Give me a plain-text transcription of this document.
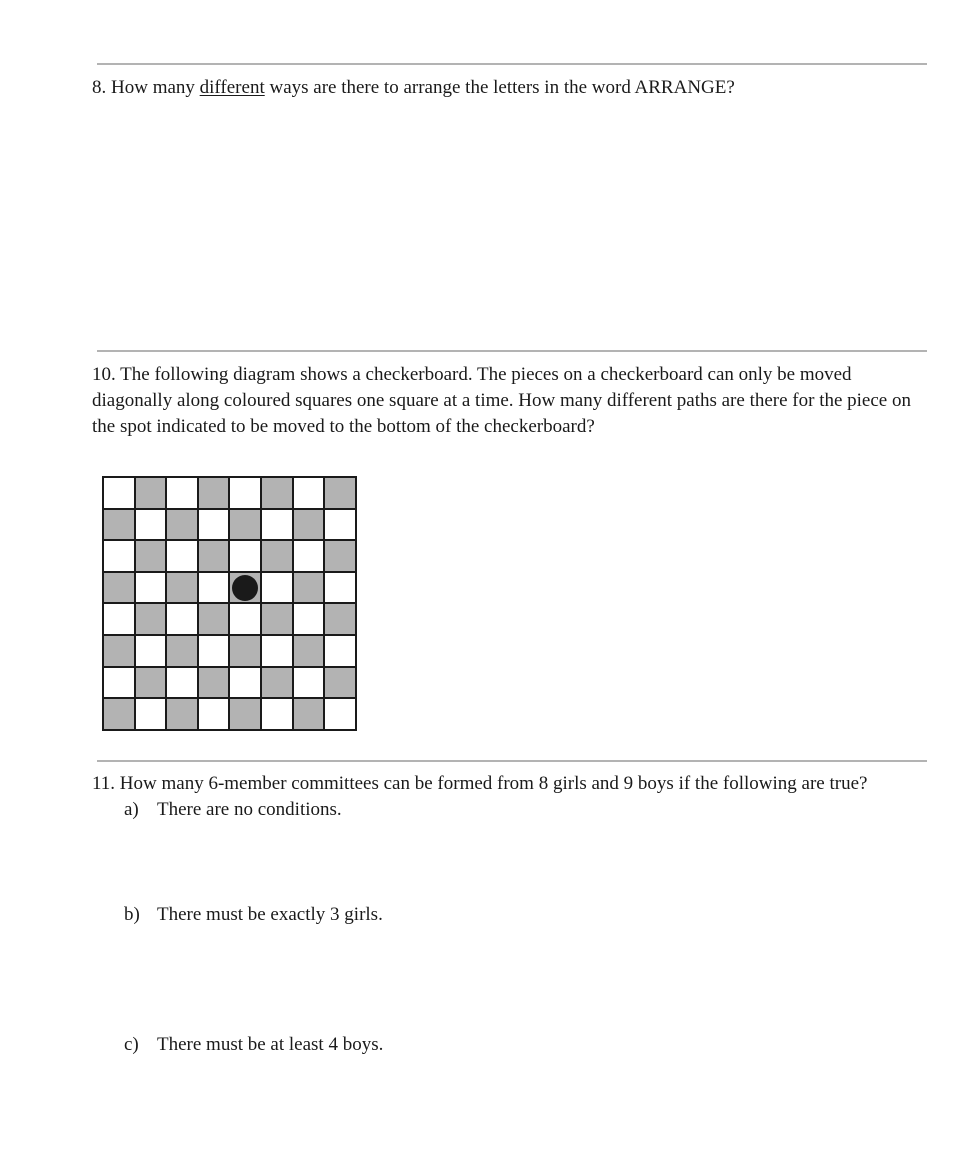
8. How many different ways are there to arrange the letters in the word ARRANGE?

10. The following diagram shows a checkerboard. The pieces on a checkerboard can only be moved diagonally along coloured squares one square at a time. How many different paths are there for the piece on the spot indicated to be moved to the bottom of the checkerboard?

11. How many 6-member committees can be formed from 8 girls and 9 boys if the following are true?

a) There are no conditions.
b) There must be exactly 3 girls.
c) There must be at least 4 boys.
